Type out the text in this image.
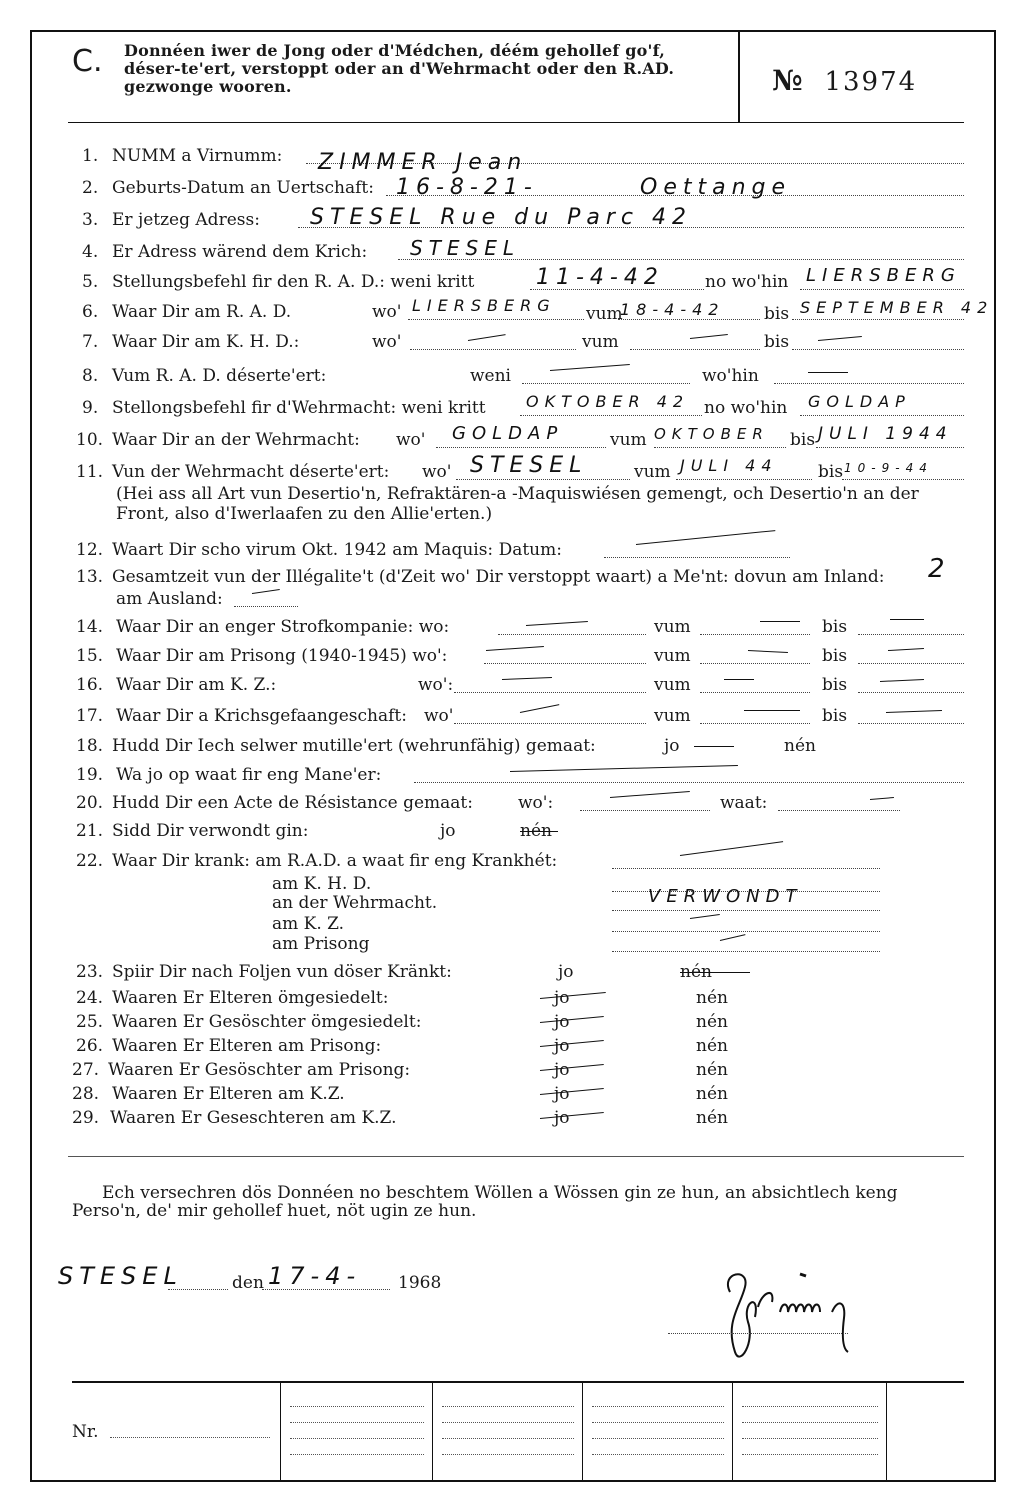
C. Donnéen iwer de Jong oder d'Médchen, déém gehollef go'f, déser-te'ert, verstoppt oder an d'Wehrmacht oder den R.AD. gezwonge wooren.	№ 13974
1. NUMM a Virnumm: ZIMMER Jean
2. Geburts-Datum an Uertschaft: 16-8-21-	Oettange
3. Er jetzeg Adress: STESEL Rue du Parc 42
4. Er Adress wärend dem Krich: STESEL
5. Stellungsbefehl fir den R. A. D.: weni kritt	no wo'hin
11-4-42	LIERSBERG
6. Waar Dir am R. A. D.	wo'	vum	bis
LIERSBERG	18-4-42	SEPTEMBER 42
7. Waar Dir am K. H. D.:	wo'	vum	bis
8. Vum R. A. D. déserte'ert:	weni	wo'hin
9. Stellongsbefehl fir d'Wehrmacht: weni kritt	no wo'hin
OKTOBER 42	GOLDAP
10. Waar Dir an der Wehrmacht: wo'	vum	bis
GOLDAP	OKTOBER	JULI 1944
11. Vun der Wehrmacht déserte'ert: wo'	vum	bis
STESEL	JULI 44	10-9-44
(Hei ass all Art vun Desertio'n, Refraktären-a -Maquiswiésen gemengt, och Desertio'n an der
Front, also d'Iwerlaafen zu den Allie'erten.)
12. Waart Dir scho virum Okt. 1942 am Maquis: Datum:
13. Gesamtzeit vun der Illégalite't (d'Zeit wo' Dir verstoppt waart) a Me'nt: dovun am Inland: 2
am Ausland:
14. Waar Dir an enger Strofkompanie: wo:	vum	bis
15. Waar Dir am Prisong (1940-1945) wo':	vum	bis
16. Waar Dir am K. Z.:	wo':	vum	bis
17. Waar Dir a Krichsgefaangeschaft: wo'	vum	bis
18. Hudd Dir Iech selwer mutille'ert (wehrunfähig) gemaat:	jo	nén
19. Wa jo op waat fir eng Mane'er:
20. Hudd Dir een Acte de Résistance gemaat:	wo':	waat:
21. Sidd Dir verwondt gin:	jo	nén
22. Waar Dir krank: am R.A.D. a waat fir eng Krankhét:
am K. H. D.
an der Wehrmacht.	VERWONDT
am K. Z.
am Prisong
23. Spiir Dir nach Foljen vun döser Kränkt:	jo	nén
24. Waaren Er Elteren ömgesiedelt:	jo	nén
25. Waaren Er Gesöschter ömgesiedelt:	jo	nén
26. Waaren Er Elteren am Prisong:	jo	nén
27. Waaren Er Gesöschter am Prisong:	jo	nén
28. Waaren Er Elteren am K.Z.	jo	nén
29. Waaren Er Geseschteren am K.Z.	jo	nén
Ech versechren dös Donnéen no beschtem Wöllen a Wössen gin ze hun, an absichtlech keng
Perso'n, de' mir gehollef huet, nöt ugin ze hun.
STESEL	den 17-4- 1968
Nr.
